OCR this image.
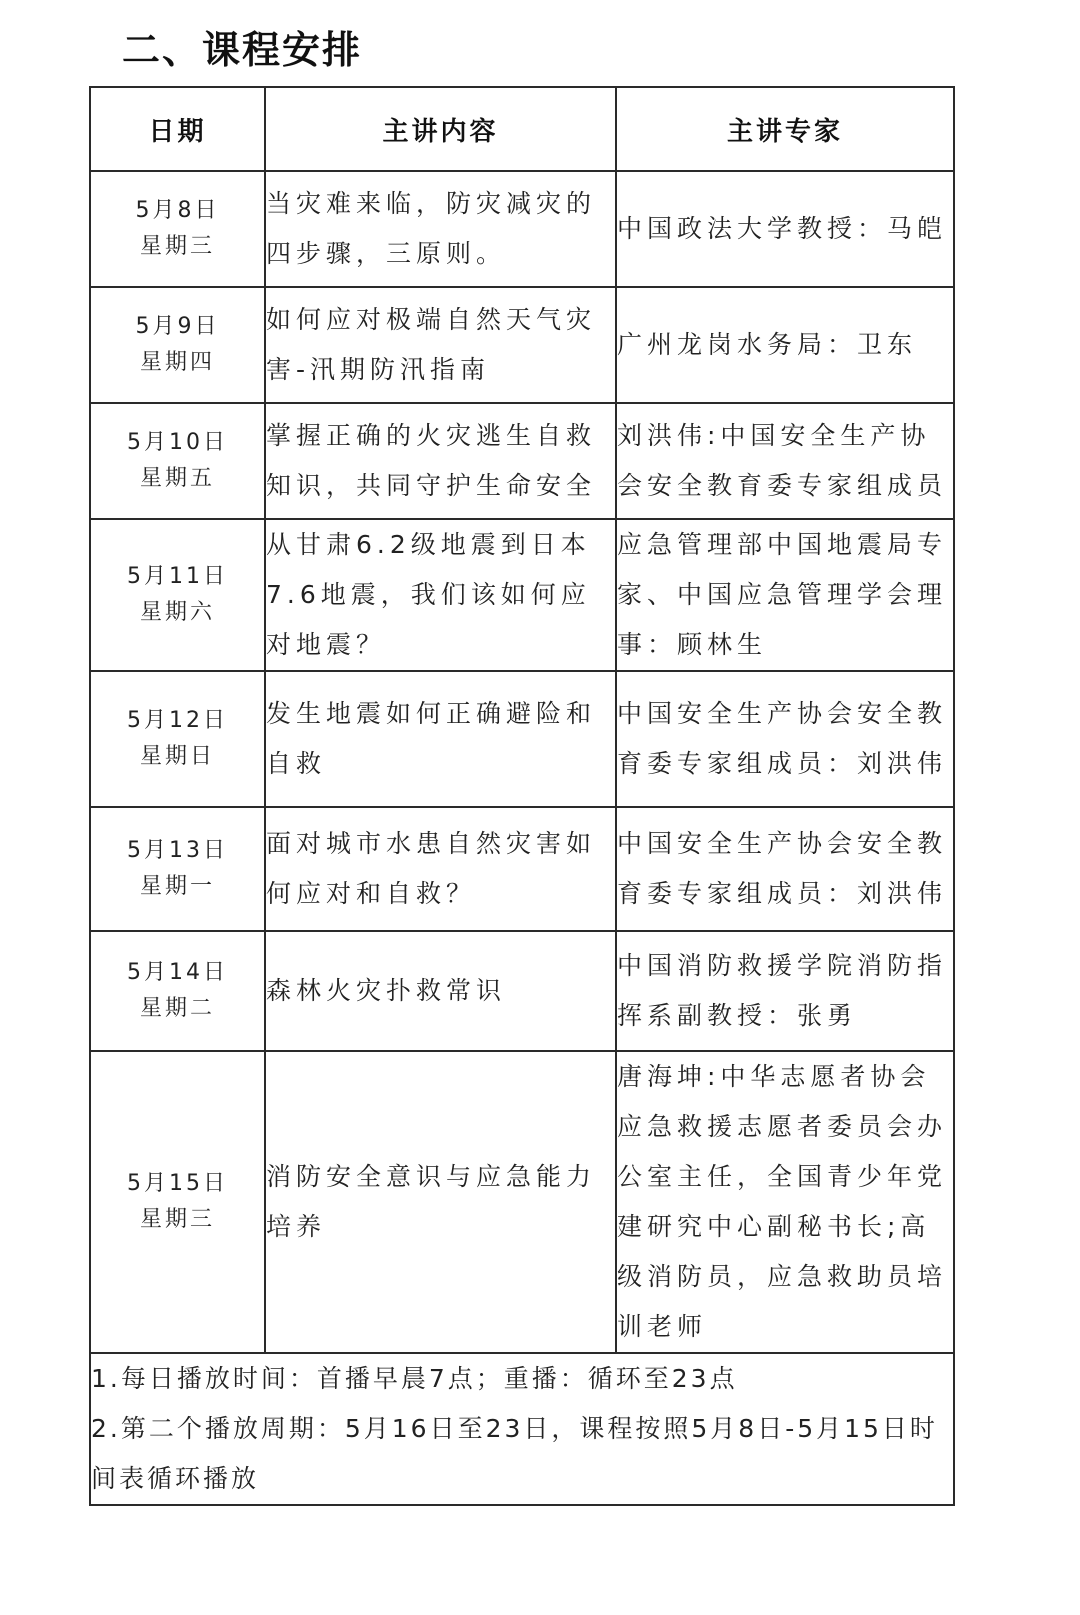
二、课程安排
日期	主讲内容	主讲专家

5月8日
星期三	当灾难来临，防灾减灾的四步骤，三原则。	中国政法大学教授：马皑

5月9日
星期四	如何应对极端自然天气灾害-汛期防汛指南	广州龙岗水务局：卫东

5月10日
星期五	掌握正确的火灾逃生自救知识，共同守护生命安全	刘洪伟:中国安全生产协会安全教育委专家组成员

5月11日
星期六	从甘肃6.2级地震到日本7.6地震，我们该如何应对地震？	应急管理部中国地震局专家、中国应急管理学会理事：顾林生

5月12日
星期日	发生地震如何正确避险和自救	中国安全生产协会安全教育委专家组成员：刘洪伟

5月13日
星期一	面对城市水患自然灾害如何应对和自救？	中国安全生产协会安全教育委专家组成员：刘洪伟

5月14日
星期二	森林火灾扑救常识	中国消防救援学院消防指挥系副教授：张勇

5月15日
星期三	消防安全意识与应急能力培养	唐海坤:中华志愿者协会应急救援志愿者委员会办公室主任，全国青少年党建研究中心副秘书长;高级消防员，应急救助员培训老师

1.每日播放时间：首播早晨7点；重播：循环至23点
2.第二个播放周期：5月16日至23日，课程按照5月8日-5月15日时间表循环播放		
